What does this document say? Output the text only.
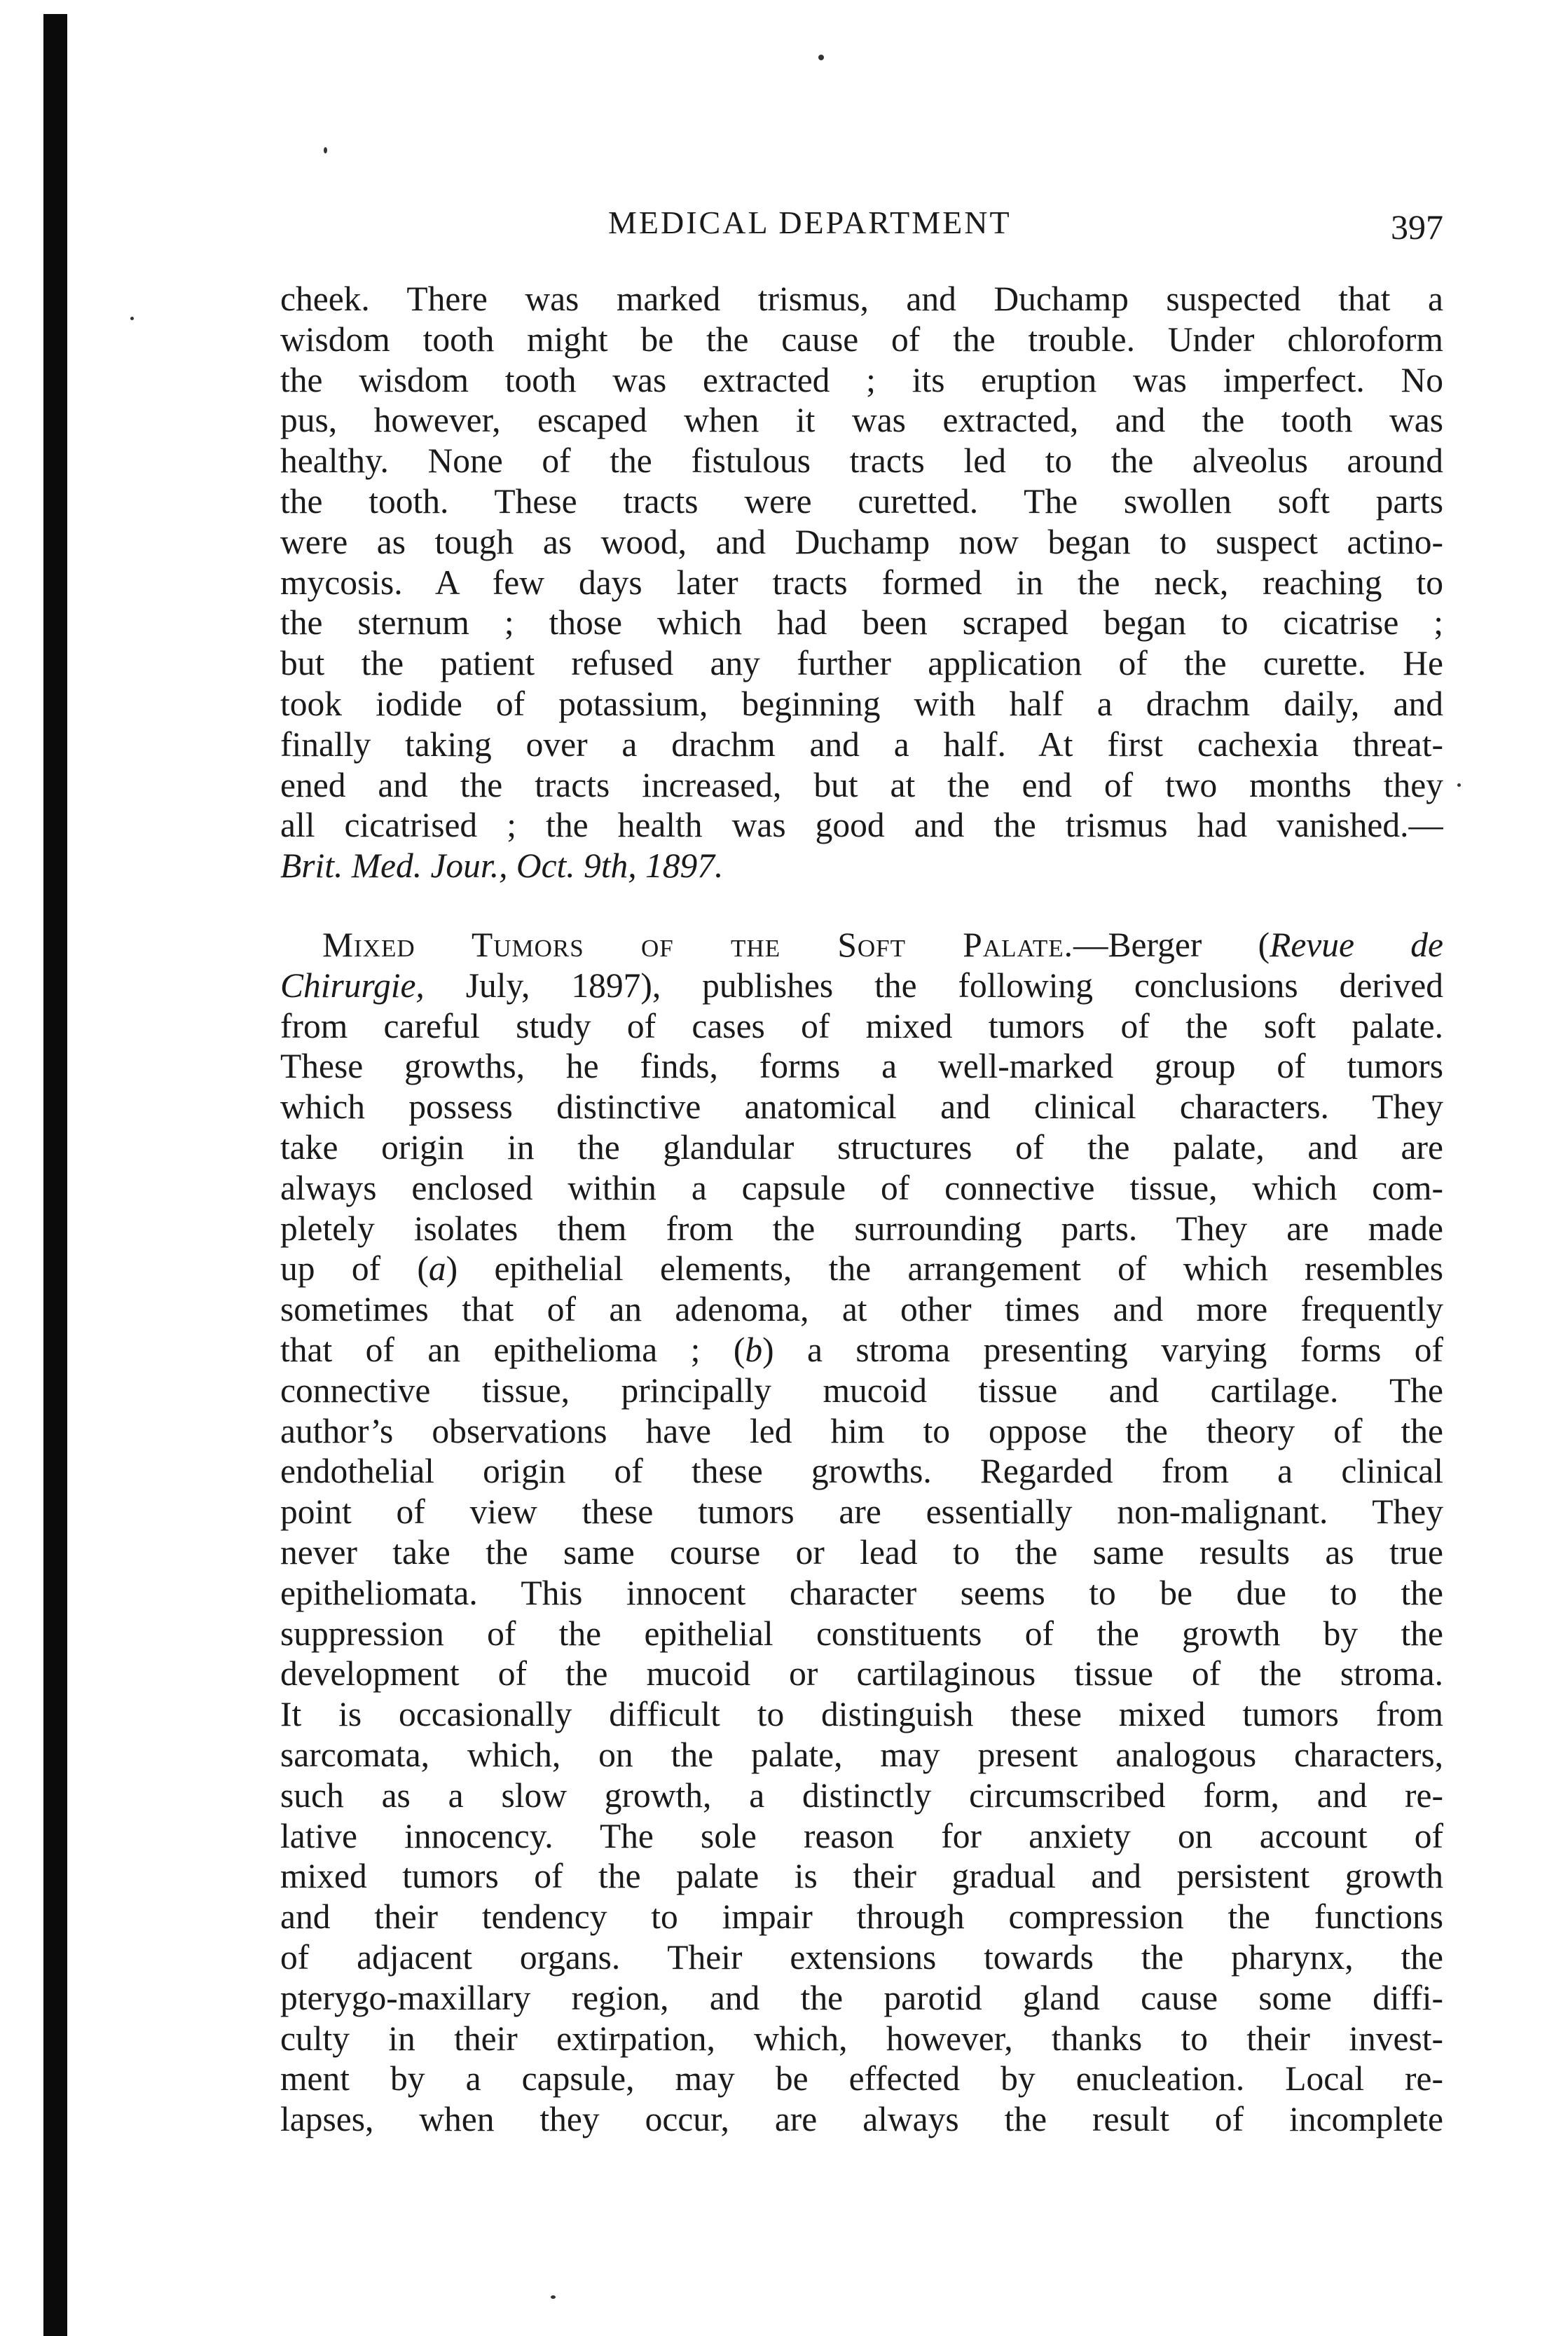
MEDICAL DEPARTMENT	397
cheek. There was marked trismus, and Duchamp suspected that a
wisdom tooth might be the cause of the trouble. Under chloroform
the wisdom tooth was extracted ; its eruption was imperfect. No
pus, however, escaped when it was extracted, and the tooth was
healthy. None of the fistulous tracts led to the alveolus around
the tooth. These tracts were curetted. The swollen soft parts
were as tough as wood, and Duchamp now began to suspect actino-
mycosis. A few days later tracts formed in the neck, reaching to
the sternum ; those which had been scraped began to cicatrise ;
but the patient refused any further application of the curette. He
took iodide of potassium, beginning with half a drachm daily, and
finally taking over a drachm and a half. At first cachexia threat-
ened and the tracts increased, but at the end of two months they
all cicatrised ; the health was good and the trismus had vanished.—
Brit. Med. Jour., Oct. 9th, 1897.
Mixed Tumors of the Soft Palate.—Berger (Revue de
Chirurgie, July, 1897), publishes the following conclusions derived
from careful study of cases of mixed tumors of the soft palate.
These growths, he finds, forms a well-marked group of tumors
which possess distinctive anatomical and clinical characters. They
take origin in the glandular structures of the palate, and are
always enclosed within a capsule of connective tissue, which com-
pletely isolates them from the surrounding parts. They are made
up of (a) epithelial elements, the arrangement of which resembles
sometimes that of an adenoma, at other times and more frequently
that of an epithelioma ; (b) a stroma presenting varying forms of
connective tissue, principally mucoid tissue and cartilage. The
author’s observations have led him to oppose the theory of the
endothelial origin of these growths. Regarded from a clinical
point of view these tumors are essentially non-malignant. They
never take the same course or lead to the same results as true
epitheliomata. This innocent character seems to be due to the
suppression of the epithelial constituents of the growth by the
development of the mucoid or cartilaginous tissue of the stroma.
It is occasionally difficult to distinguish these mixed tumors from
sarcomata, which, on the palate, may present analogous characters,
such as a slow growth, a distinctly circumscribed form, and re-
lative innocency. The sole reason for anxiety on account of
mixed tumors of the palate is their gradual and persistent growth
and their tendency to impair through compression the functions
of adjacent organs. Their extensions towards the pharynx, the
pterygo-maxillary region, and the parotid gland cause some diffi-
culty in their extirpation, which, however, thanks to their invest-
ment by a capsule, may be effected by enucleation. Local re-
lapses, when they occur, are always the result of incomplete
